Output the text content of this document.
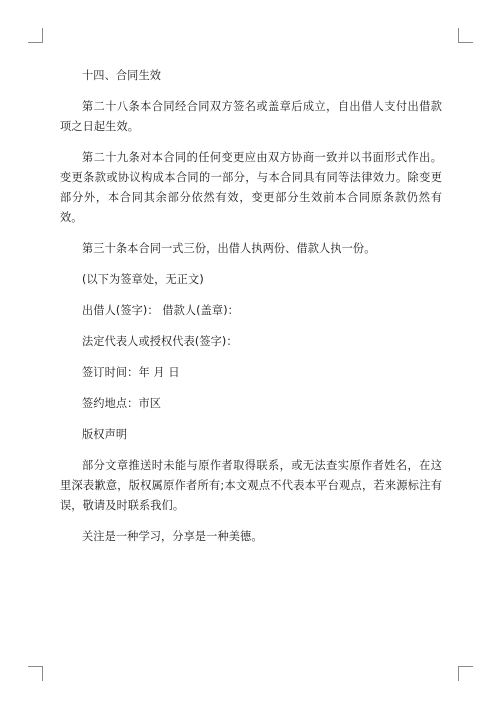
十四、合同生效

第二十八条本合同经合同双方签名或盖章后成立，自出借人支付出借款项之日起生效。

第二十九条对本合同的任何变更应由双方协商一致并以书面形式作出。变更条款或协议构成本合同的一部分，与本合同具有同等法律效力。除变更部分外，本合同其余部分依然有效，变更部分生效前本合同原条款仍然有效。

第三十条本合同一式三份，出借人执两份、借款人执一份。

(以下为签章处，无正文)

出借人(签字)： 借款人(盖章)：

法定代表人或授权代表(签字)：

签订时间：年 月 日

签约地点：市区

版权声明

部分文章推送时未能与原作者取得联系，或无法查实原作者姓名，在这里深表歉意，版权属原作者所有;本文观点不代表本平台观点，若来源标注有误，敬请及时联系我们。

关注是一种学习，分享是一种美德。
